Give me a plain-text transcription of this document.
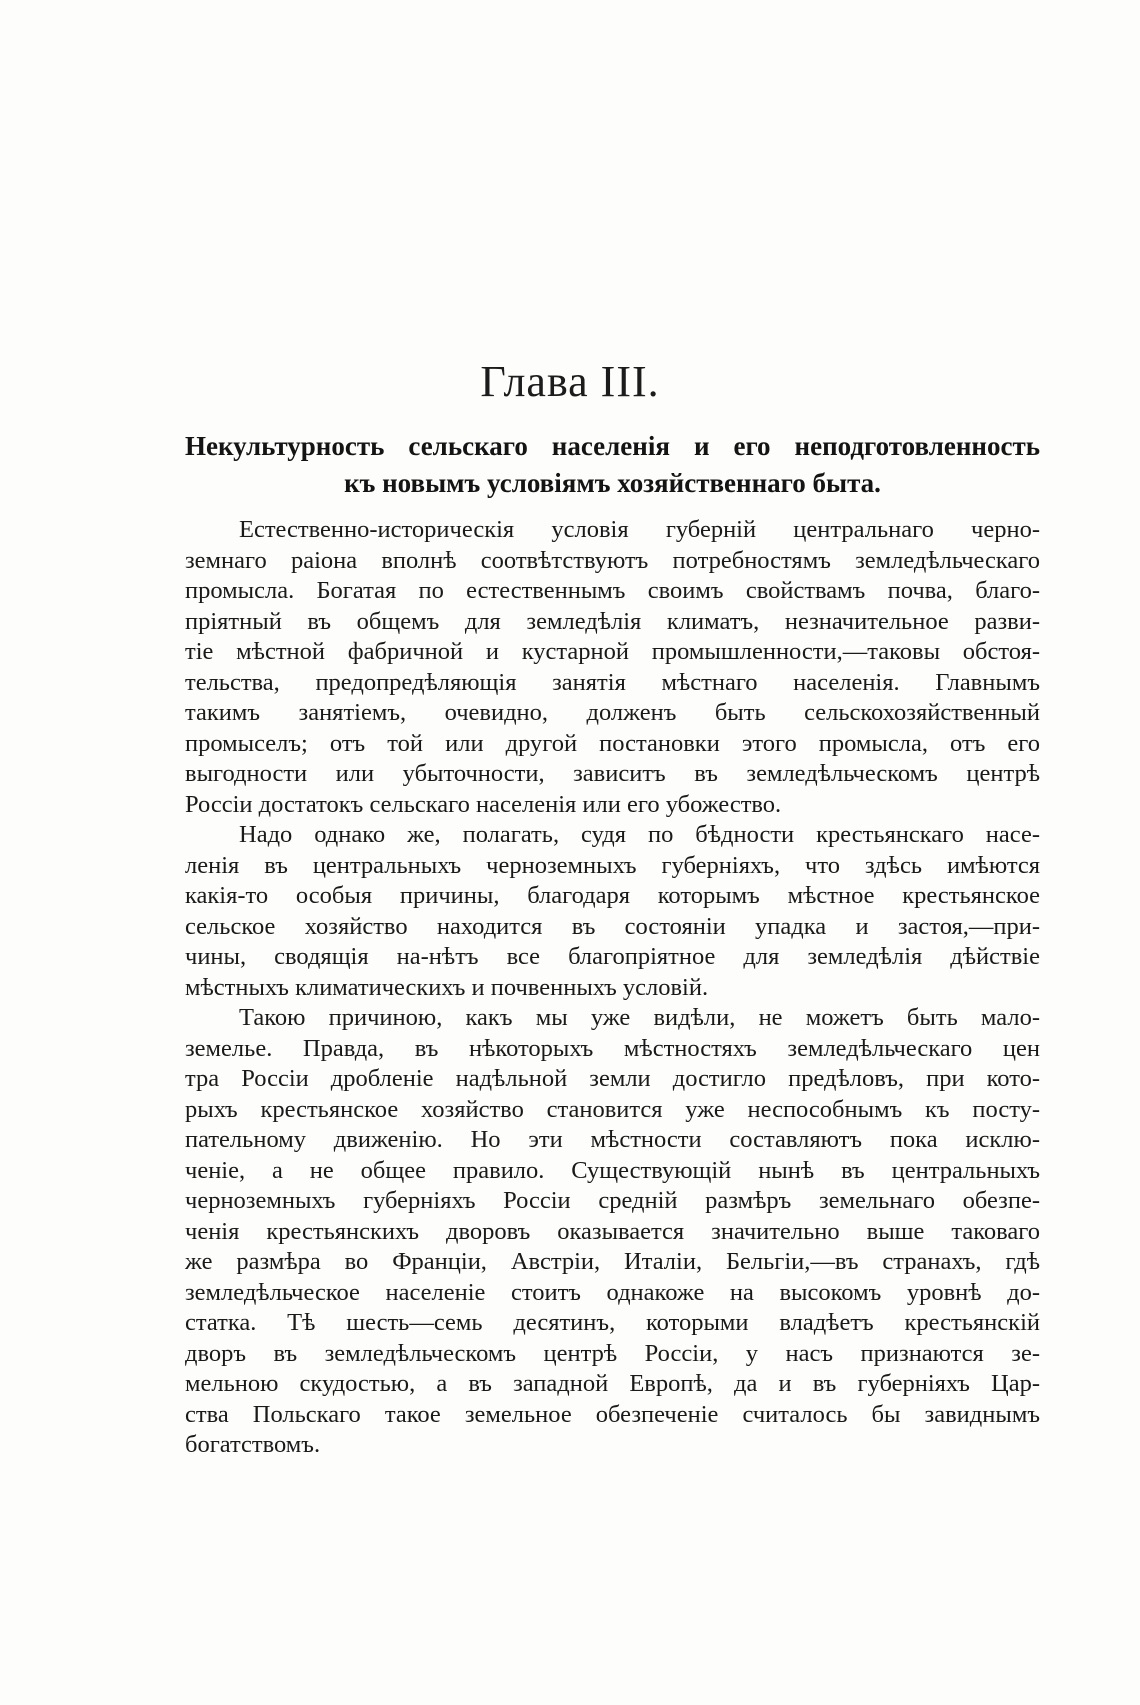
Глава III.
Некультурность сельскаго населенія и его неподготовленность
къ новымъ условіямъ хозяйственнаго быта.
Естественно-историческія условія губерній центральнаго черно-
земнаго раіона вполнѣ соотвѣтствуютъ потребностямъ земледѣльческаго
промысла. Богатая по естественнымъ своимъ свойствамъ почва, благо-
пріятный въ общемъ для земледѣлія климатъ, незначительное разви-
тіе мѣстной фабричной и кустарной промышленности,—таковы обстоя-
тельства, предопредѣляющія занятія мѣстнаго населенія. Главнымъ
такимъ занятіемъ, очевидно, долженъ быть сельскохозяйственный
промыселъ; отъ той или другой постановки этого промысла, отъ его
выгодности или убыточности, зависитъ въ земледѣльческомъ центрѣ
Россіи достатокъ сельскаго населенія или его убожество.
Надо однако же, полагать, судя по бѣдности крестьянскаго насе-
ленія въ центральныхъ черноземныхъ губерніяхъ, что здѣсь имѣются
какія-то особыя причины, благодаря которымъ мѣстное крестьянское
сельское хозяйство находится въ состояніи упадка и застоя,—при-
чины, сводящія на-нѣтъ все благопріятное для земледѣлія дѣйствіе
мѣстныхъ климатическихъ и почвенныхъ условій.
Такою причиною, какъ мы уже видѣли, не можетъ быть мало-
земелье. Правда, въ нѣкоторыхъ мѣстностяхъ земледѣльческаго цен
тра Россіи дробленіе надѣльной земли достигло предѣловъ, при кото-
рыхъ крестьянское хозяйство становится уже неспособнымъ къ посту-
пательному движенію. Но эти мѣстности составляютъ пока исклю-
ченіе, а не общее правило. Существующій нынѣ въ центральныхъ
черноземныхъ губерніяхъ Россіи средній размѣръ земельнаго обезпе-
ченія крестьянскихъ дворовъ оказывается значительно выше таковаго
же размѣра во Франціи, Австріи, Италіи, Бельгіи,—въ странахъ, гдѣ
земледѣльческое населеніе стоитъ однакоже на высокомъ уровнѣ до-
статка. Тѣ шесть—семь десятинъ, которыми владѣетъ крестьянскій
дворъ въ земледѣльческомъ центрѣ Россіи, у насъ признаются зе-
мельною скудостью, а въ западной Европѣ, да и въ губерніяхъ Цар-
ства Польскаго такое земельное обезпеченіе считалось бы завиднымъ
богатствомъ.
